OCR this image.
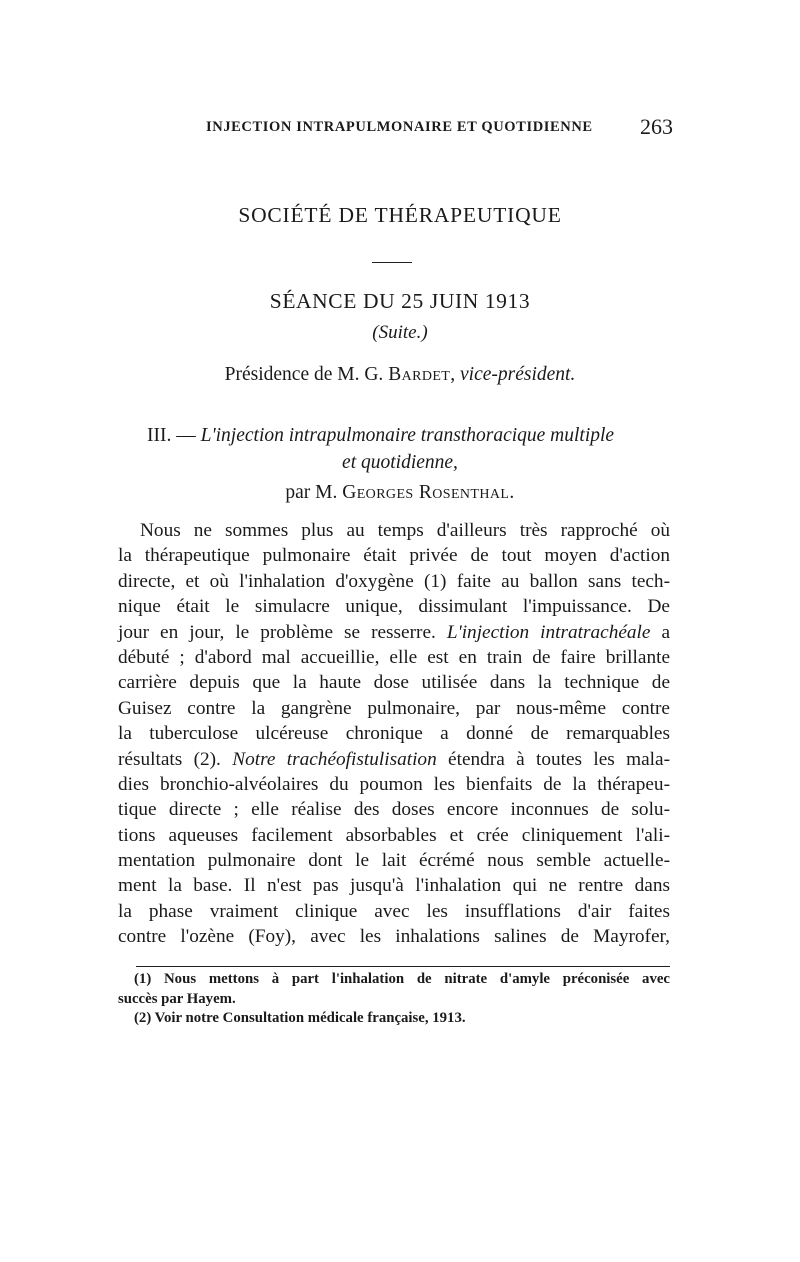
INJECTION INTRAPULMONAIRE ET QUOTIDIENNE 263
SOCIÉTÉ DE THÉRAPEUTIQUE
SÉANCE DU 25 JUIN 1913
(Suite.)
Présidence de M. G. Bardet, vice-président.
III. — L'injection intrapulmonaire transthoracique multiple
et quotidienne,
par M. Georges Rosenthal.
Nous ne sommes plus au temps d'ailleurs très rapproché où
la thérapeutique pulmonaire était privée de tout moyen d'action
directe, et où l'inhalation d'oxygène (1) faite au ballon sans tech-
nique était le simulacre unique, dissimulant l'impuissance. De
jour en jour, le problème se resserre. L'injection intratrachéale a
débuté ; d'abord mal accueillie, elle est en train de faire brillante
carrière depuis que la haute dose utilisée dans la technique de
Guisez contre la gangrène pulmonaire, par nous-même contre
la tuberculose ulcéreuse chronique a donné de remarquables
résultats (2). Notre trachéofistulisation étendra à toutes les mala-
dies bronchio-alvéolaires du poumon les bienfaits de la thérapeu-
tique directe ; elle réalise des doses encore inconnues de solu-
tions aqueuses facilement absorbables et crée cliniquement l'ali-
mentation pulmonaire dont le lait écrémé nous semble actuelle-
ment la base. Il n'est pas jusqu'à l'inhalation qui ne rentre dans
la phase vraiment clinique avec les insufflations d'air faites
contre l'ozène (Foy), avec les inhalations salines de Mayrofer,
(1) Nous mettons à part l'inhalation de nitrate d'amyle préconisée avec
succès par Hayem.
(2) Voir notre Consultation médicale française, 1913.
